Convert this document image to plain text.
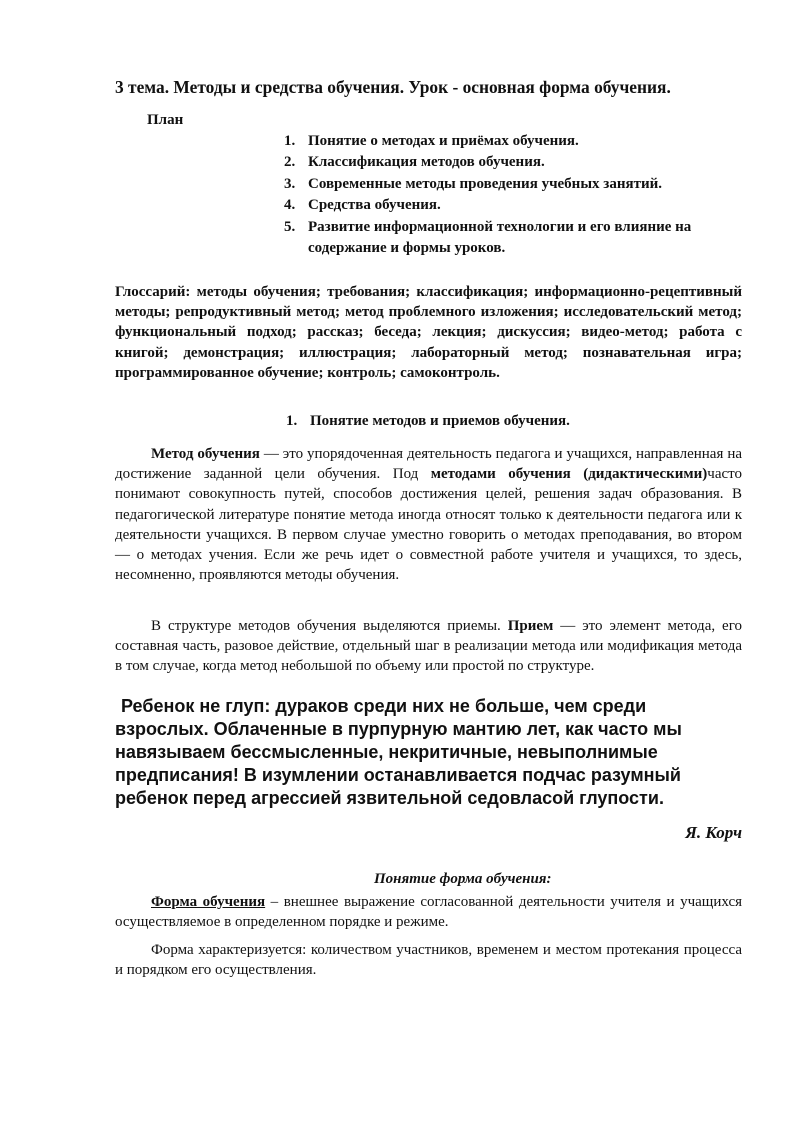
3 тема. Методы и средства обучения. Урок - основная форма обучения.
План
1. Понятие о методах и приёмах обучения.
2. Классификация методов обучения.
3. Современные методы проведения учебных занятий.
4. Средства обучения.
5. Развитие информационной технологии и его влияние на содержание и формы уроков.

Глоссарий: методы обучения; требования; классификация; информационно-рецептивный методы; репродуктивный метод; метод проблемного изложения; исследовательский метод; функциональный подход; рассказ; беседа; лекция; дискуссия; видео-метод; работа с книгой; демонстрация; иллюстрация; лабораторный метод; познавательная игра; программированное обучение; контроль; самоконтроль.

1. Понятие методов и приемов обучения.

Метод обучения — это упорядоченная деятельность педагога и учащихся, направленная на достижение заданной цели обучения. Под методами обучения (дидактическими)часто понимают совокупность путей, способов достижения целей, решения задач образования. В педагогической литературе понятие метода иногда относят только к деятельности педагога или к деятельности учащихся. В первом случае уместно говорить о методах преподавания, во втором — о методах учения. Если же речь идет о совместной работе учителя и учащихся, то здесь, несомненно, проявляются методы обучения.

В структуре методов обучения выделяются приемы. Прием — это элемент метода, его составная часть, разовое действие, отдельный шаг в реализации метода или модификация метода в том случае, когда метод небольшой по объему или простой по структуре.

Ребенок не глуп: дураков среди них не больше, чем среди взрослых. Облаченные в пурпурную мантию лет, как часто мы навязываем бессмысленные, некритичные, невыполнимые предписания! В изумлении останавливается подчас разумный ребенок перед агрессией язвительной седовласой глупости.

Я. Корч
Понятие форма обучения:

Форма обучения – внешнее выражение согласованной деятельности учителя и учащихся осуществляемое в определенном порядке и режиме.

Форма характеризуется: количеством участников, временем и местом протекания процесса и порядком его осуществления.
